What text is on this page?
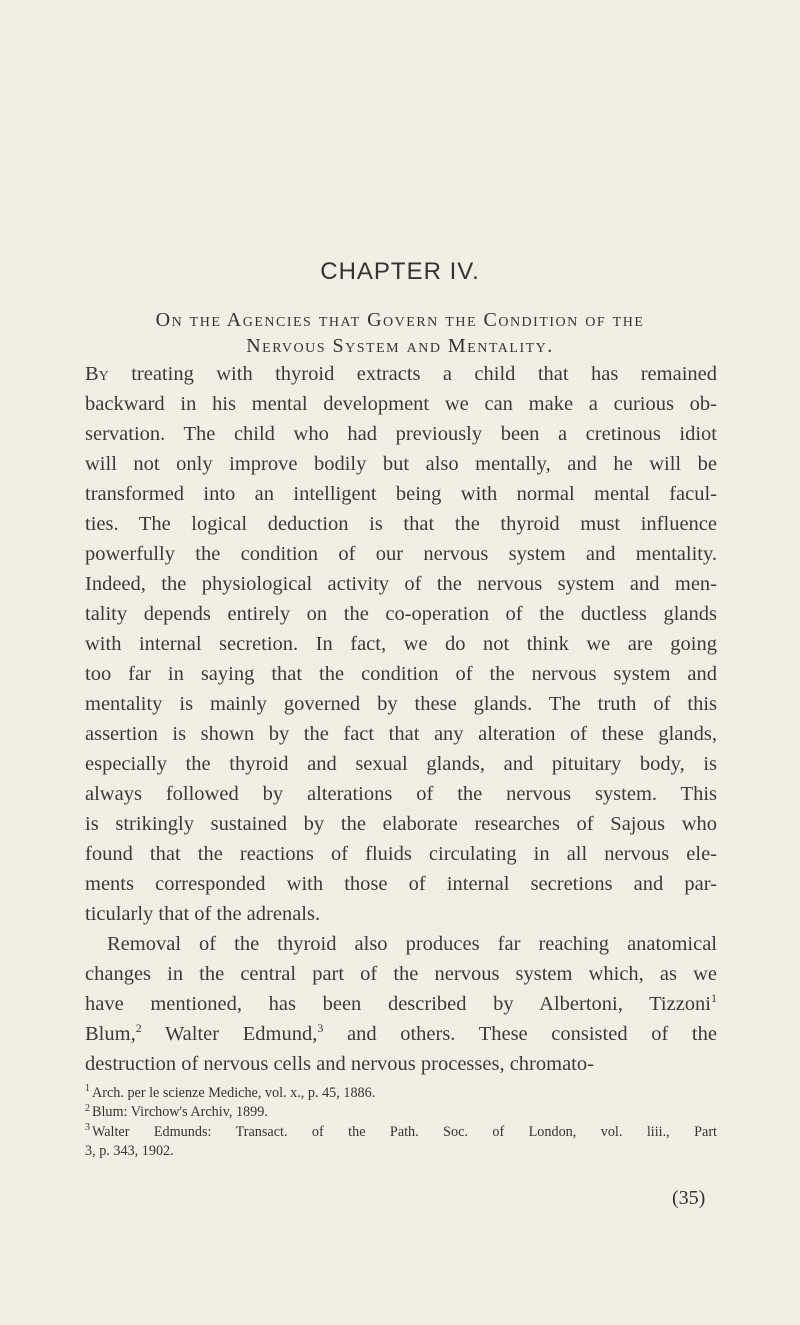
CHAPTER IV.
On the Agencies that Govern the Condition of the
Nervous System and Mentality.
By treating with thyroid extracts a child that has remained
backward in his mental development we can make a curious ob-
servation. The child who had previously been a cretinous idiot
will not only improve bodily but also mentally, and he will be
transformed into an intelligent being with normal mental facul-
ties. The logical deduction is that the thyroid must influence
powerfully the condition of our nervous system and mentality.
Indeed, the physiological activity of the nervous system and men-
tality depends entirely on the co-operation of the ductless glands
with internal secretion. In fact, we do not think we are going
too far in saying that the condition of the nervous system and
mentality is mainly governed by these glands. The truth of this
assertion is shown by the fact that any alteration of these glands,
especially the thyroid and sexual glands, and pituitary body, is
always followed by alterations of the nervous system. This
is strikingly sustained by the elaborate researches of Sajous who
found that the reactions of fluids circulating in all nervous ele-
ments corresponded with those of internal secretions and par-
ticularly that of the adrenals.
Removal of the thyroid also produces far reaching anatomical
changes in the central part of the nervous system which, as we
have mentioned, has been described by Albertoni, Tizzoni$^1$
Blum,$^2$ Walter Edmund,$^3$ and others. These consisted of the
destruction of nervous cells and nervous processes, chromato-
$^1$ Arch. per le scienze Mediche, vol. x., p. 45, 1886.
$^2$ Blum: Virchow's Archiv, 1899.
$^3$ Walter Edmunds: Transact. of the Path. Soc. of London, vol. liii., Part
3, p. 343, 1902.
(35)
